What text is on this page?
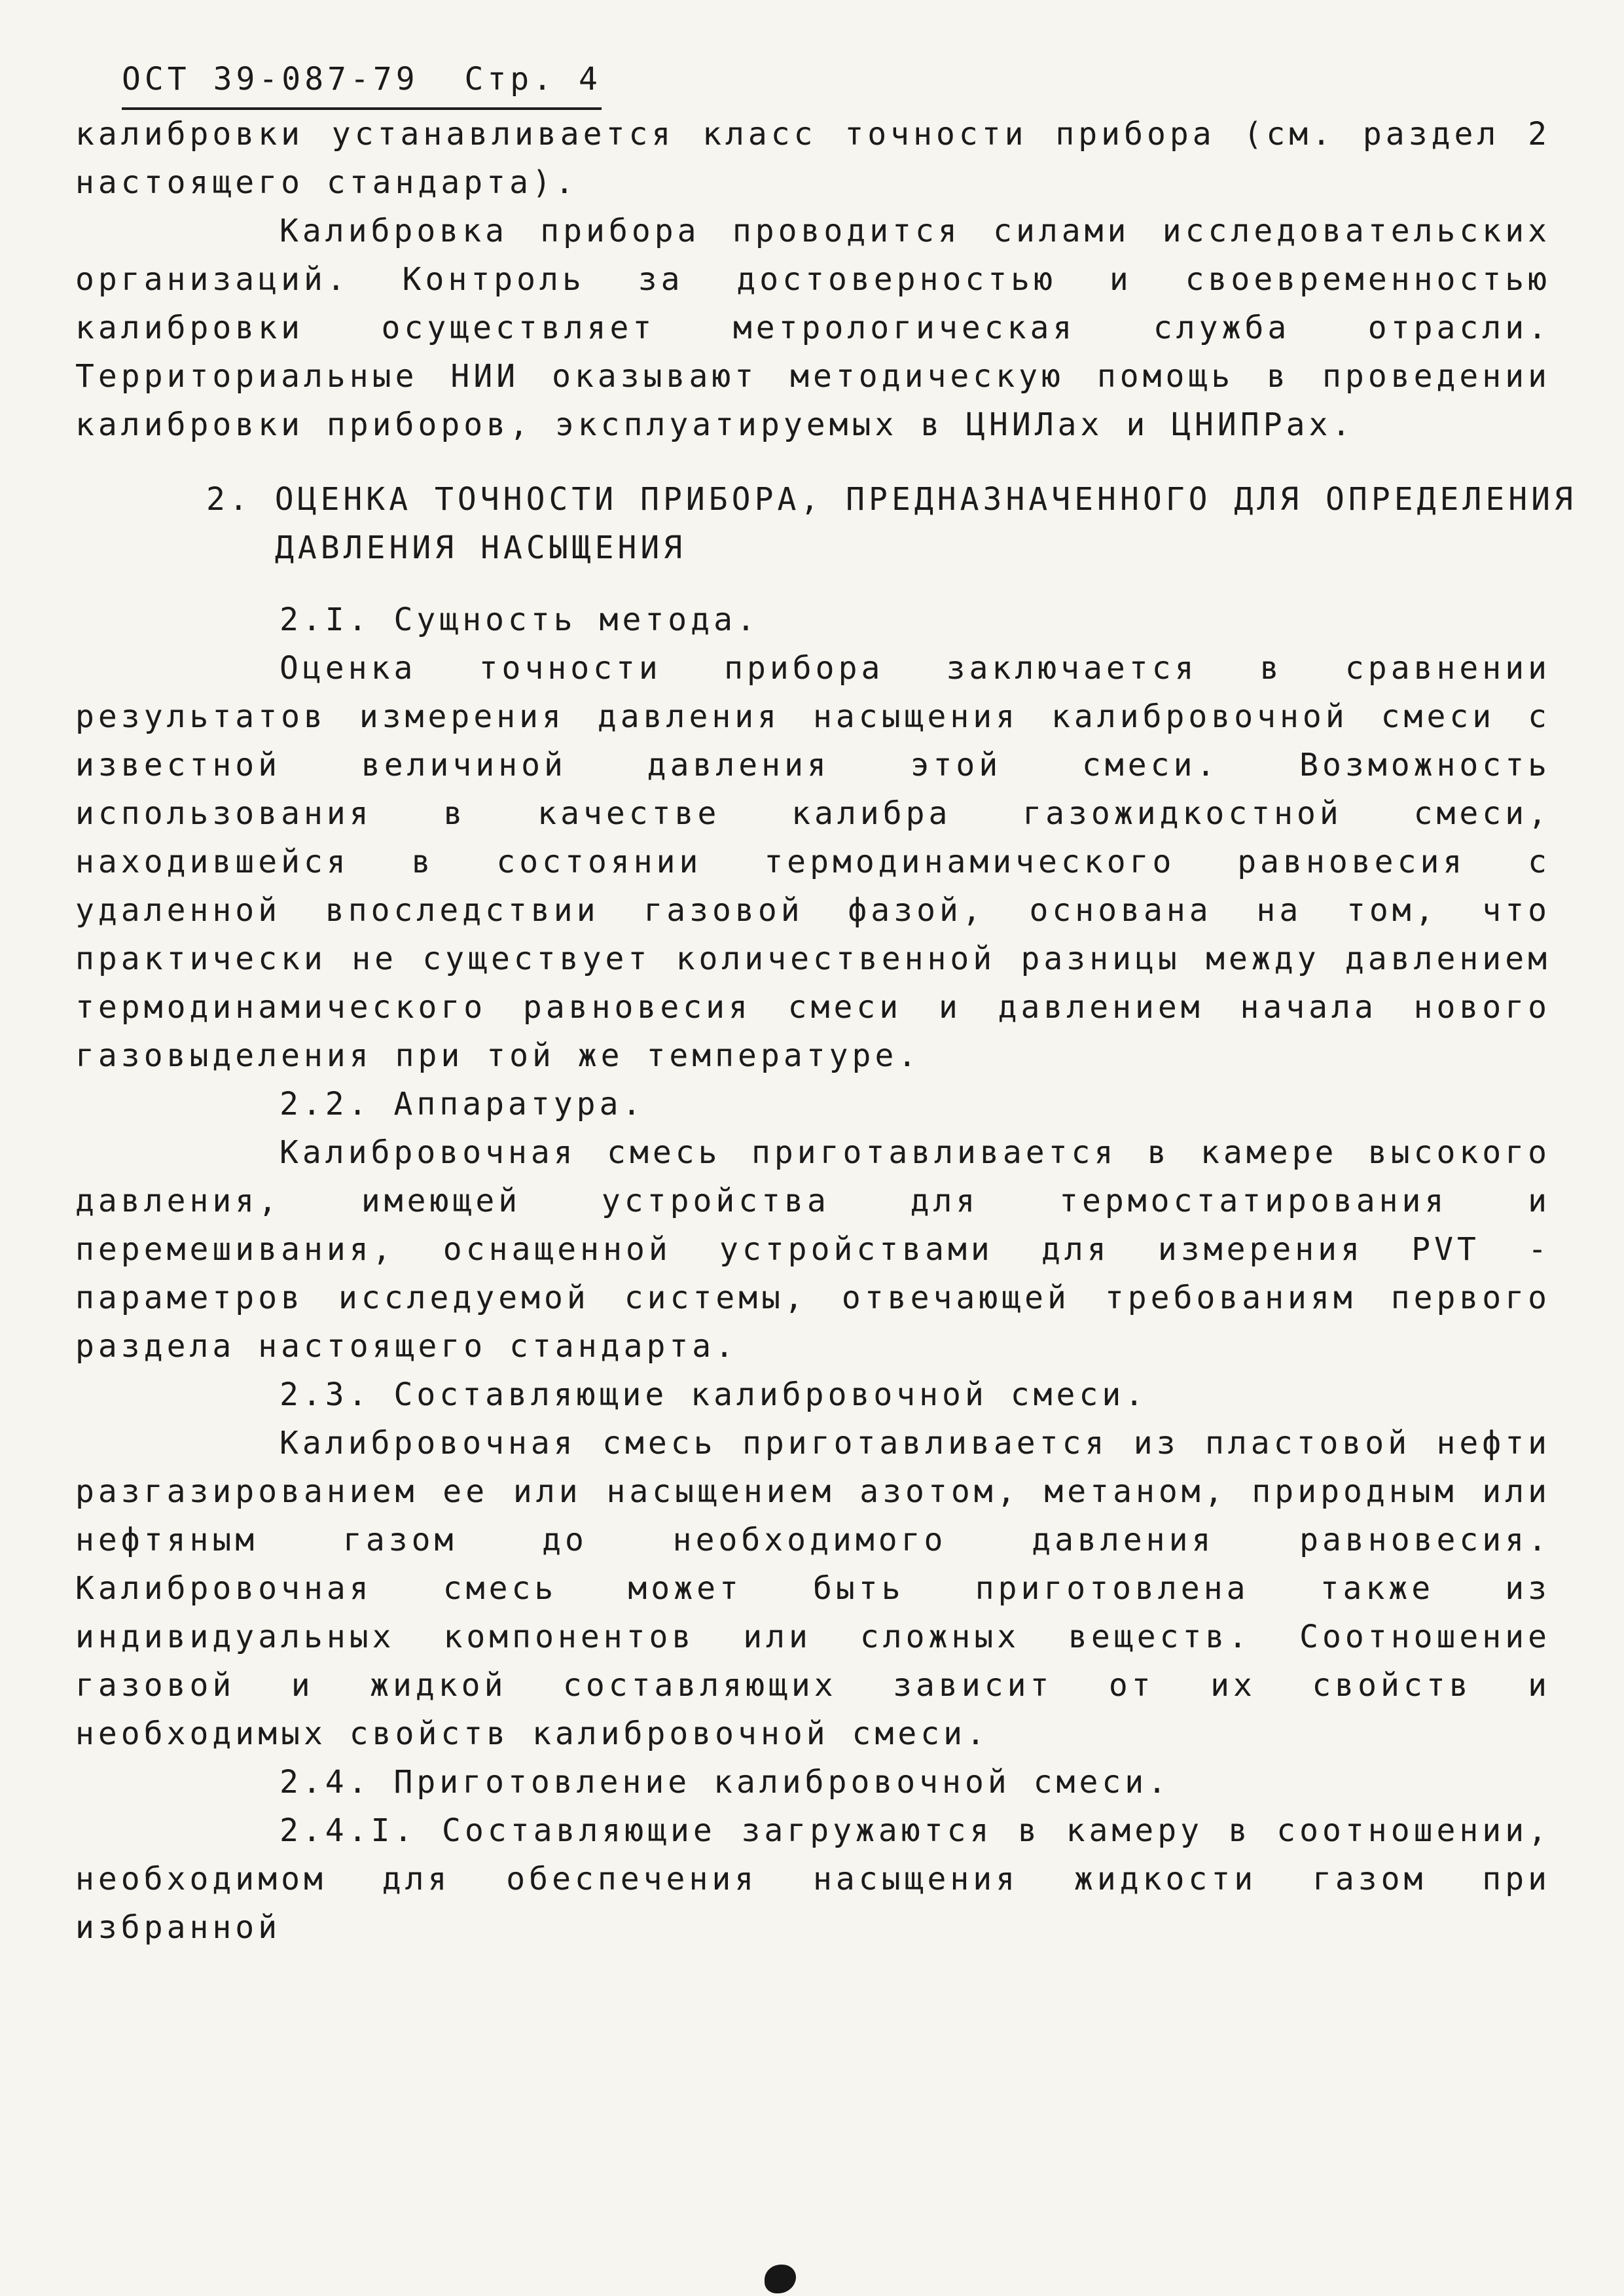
ОСТ 39-087-79  Стр. 4

калибровки устанавливается класс точности прибора (см. раздел 2 настоящего стандарта).

Калибровка прибора проводится силами исследовательских организаций. Контроль за достоверностью и своевременностью калибровки осуществляет метрологическая служба отрасли. Территориальные НИИ оказывают методическую помощь в проведении калибровки приборов, эксплуатируемых в ЦНИЛах и ЦНИПРах.

2. ОЦЕНКА ТОЧНОСТИ ПРИБОРА, ПРЕДНАЗНАЧЕННОГО ДЛЯ ОПРЕДЕЛЕНИЯ ДАВЛЕНИЯ НАСЫЩЕНИЯ

2.I. Сущность метода.

Оценка точности прибора заключается в сравнении результатов измерения давления насыщения калибровочной смеси с известной величиной давления этой смеси. Возможность использования в качестве калибра газожидкостной смеси, находившейся в состоянии термодинамического равновесия с удаленной впоследствии газовой фазой, основана на том, что практически не существует количественной разницы между давлением термодинамического равновесия смеси и давлением начала нового газовыделения при той же температуре.

2.2. Аппаратура.

Калибровочная смесь приготавливается в камере высокого давления, имеющей устройства для термостатирования и перемешивания, оснащенной устройствами для измерения РVТ - параметров исследуемой системы, отвечающей требованиям первого раздела настоящего стандарта.

2.3. Составляющие калибровочной смеси.

Калибровочная смесь приготавливается из пластовой нефти разгазированием ее или насыщением азотом, метаном, природным или нефтяным газом до необходимого давления равновесия. Калибровочная смесь может быть приготовлена также из индивидуальных компонентов или сложных веществ. Соотношение газовой и жидкой составляющих зависит от их свойств и необходимых свойств калибровочной смеси.

2.4. Приготовление калибровочной смеси.

2.4.I. Составляющие загружаются в камеру в соотношении, необходимом для обеспечения насыщения жидкости газом при избранной
